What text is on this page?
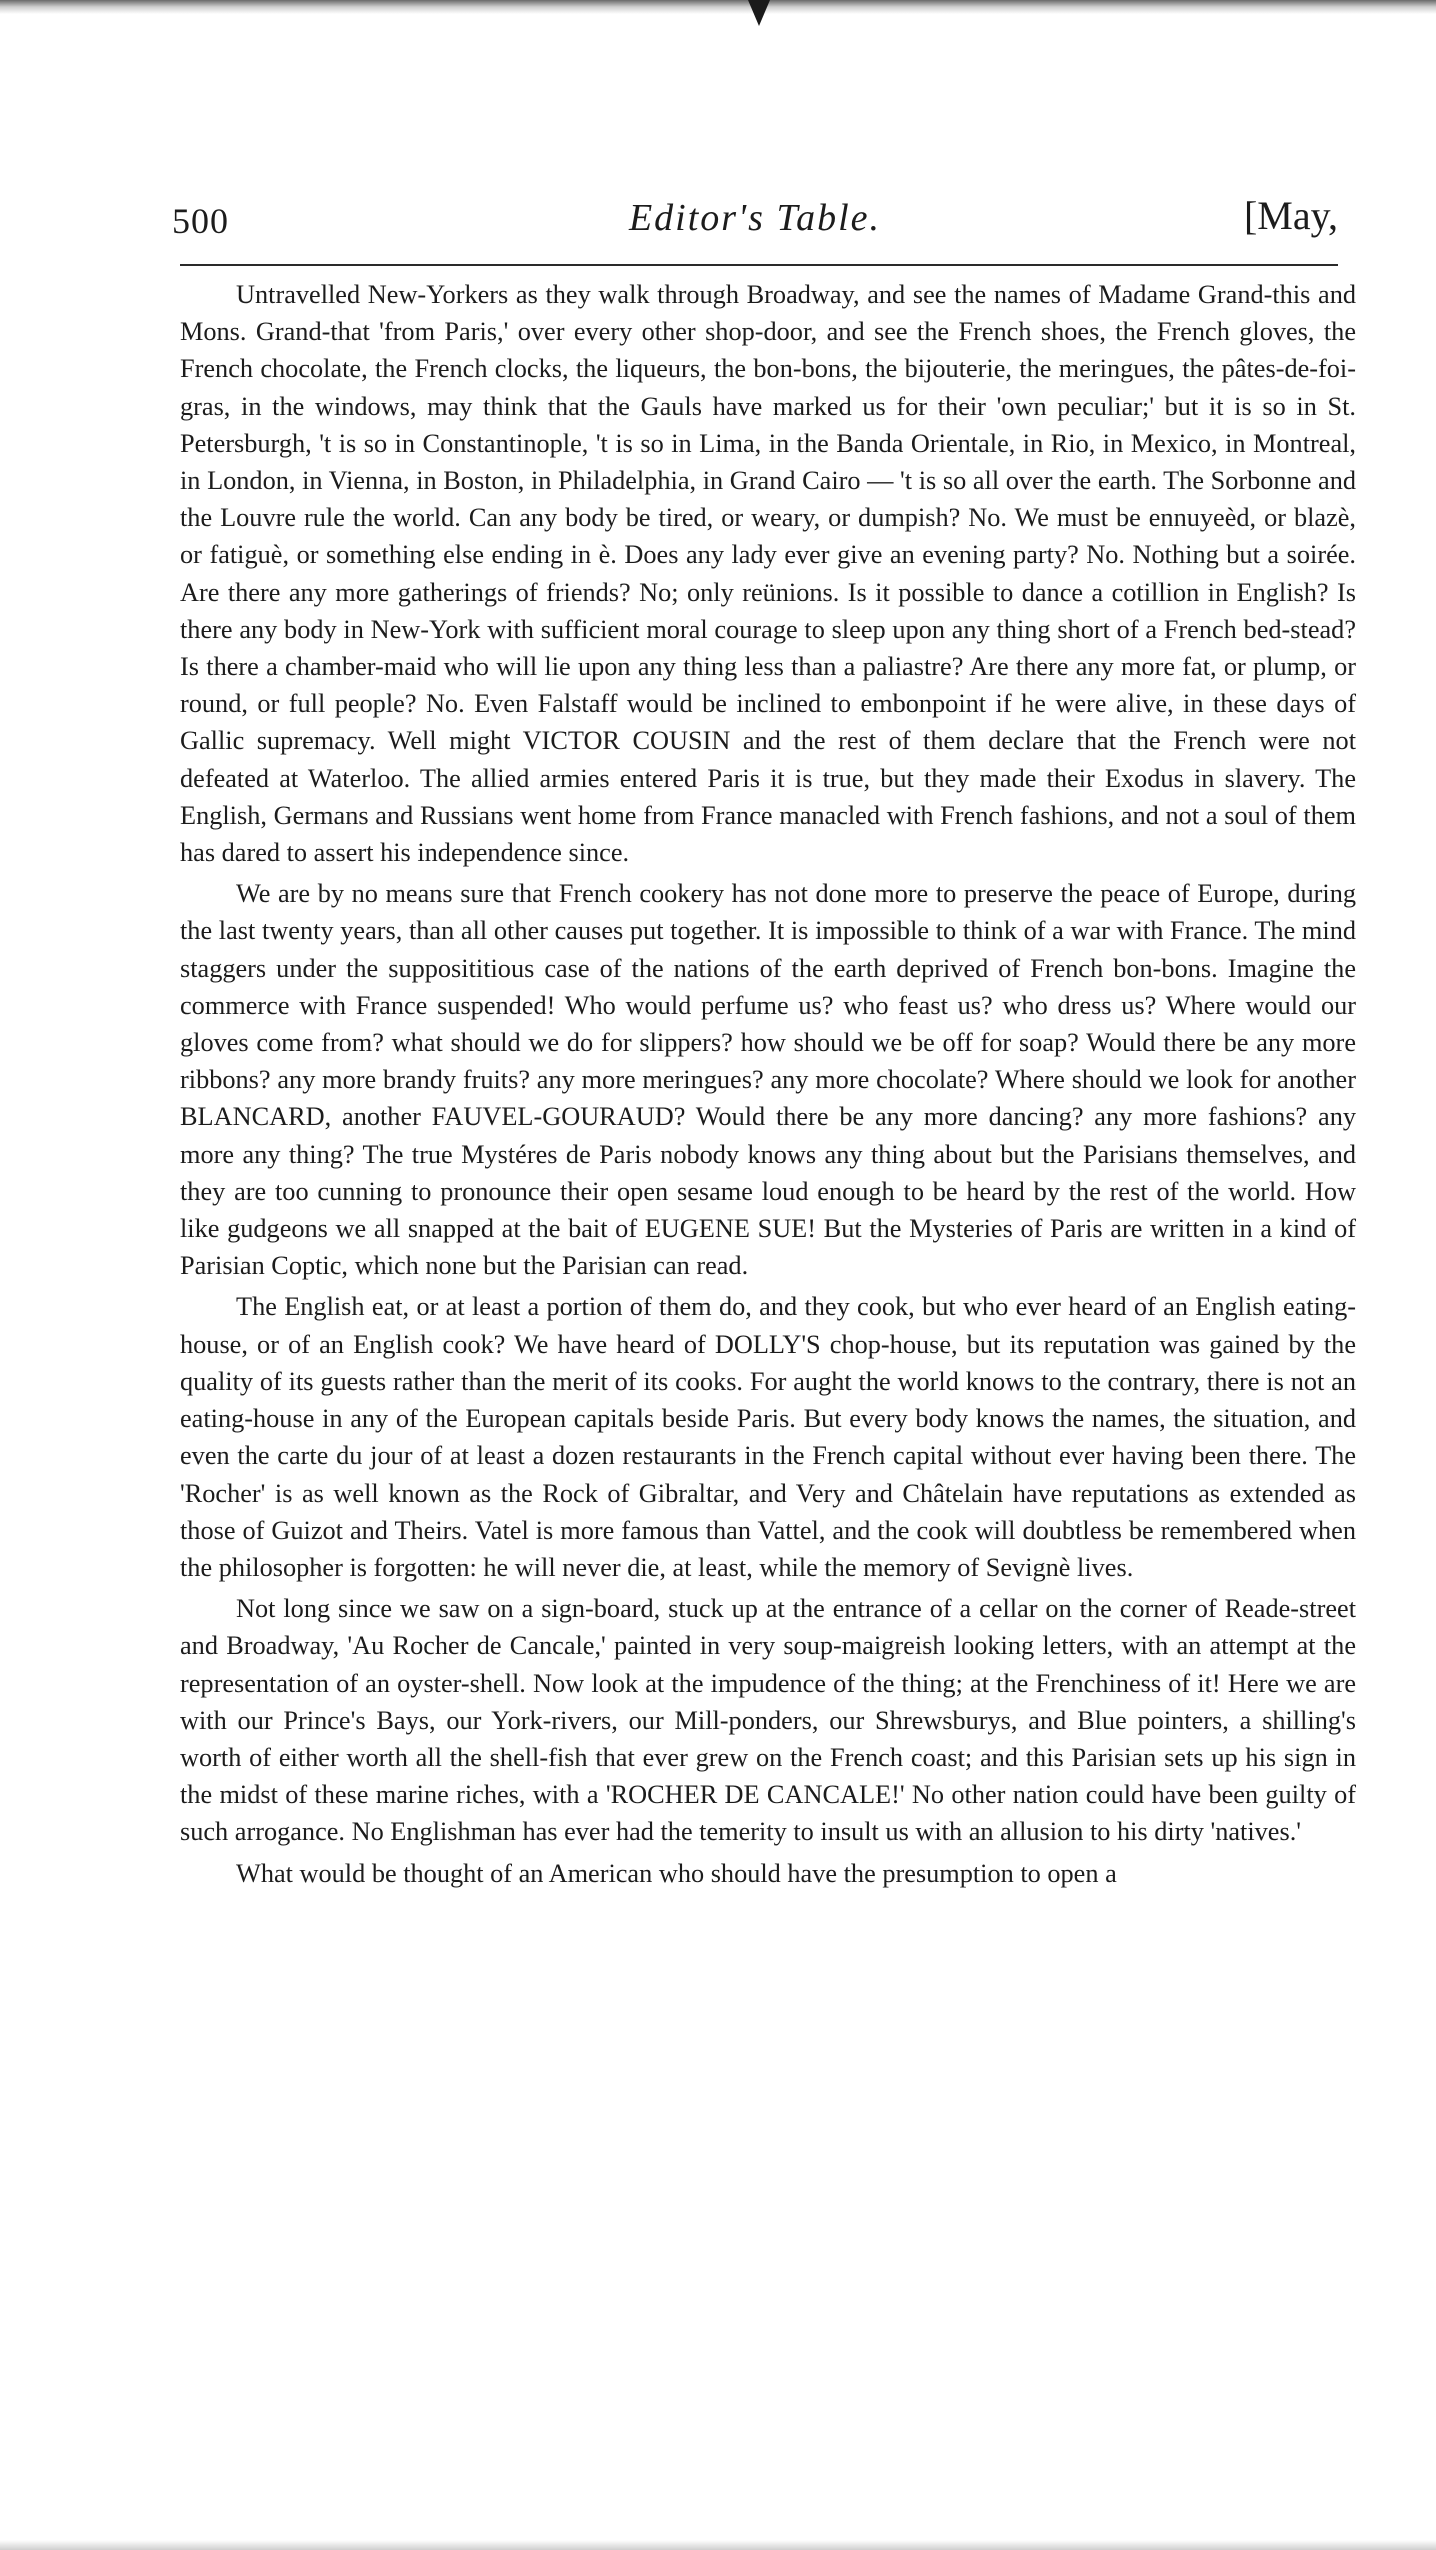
500	Editor's Table.	[May,

Untravelled New-Yorkers as they walk through Broadway, and see the names of Madame Grand-this and Mons. Grand-that 'from Paris,' over every other shop-door, and see the French shoes, the French gloves, the French chocolate, the French clocks, the liqueurs, the bon-bons, the bijouterie, the meringues, the pâtes-de-foi-gras, in the windows, may think that the Gauls have marked us for their 'own peculiar;' but it is so in St. Petersburgh, 't is so in Constantinople, 't is so in Lima, in the Banda Orientale, in Rio, in Mexico, in Montreal, in London, in Vienna, in Boston, in Philadelphia, in Grand Cairo — 't is so all over the earth. The Sorbonne and the Louvre rule the world. Can any body be tired, or weary, or dumpish? No. We must be ennuyeèd, or blazè, or fatiguè, or something else ending in è. Does any lady ever give an evening party? No. Nothing but a soirée. Are there any more gatherings of friends? No; only reünions. Is it possible to dance a cotillion in English? Is there any body in New-York with sufficient moral courage to sleep upon any thing short of a French bed-stead? Is there a chamber-maid who will lie upon any thing less than a paliastre? Are there any more fat, or plump, or round, or full people? No. Even Falstaff would be inclined to embonpoint if he were alive, in these days of Gallic supremacy. Well might VICTOR COUSIN and the rest of them declare that the French were not defeated at Waterloo. The allied armies entered Paris it is true, but they made their Exodus in slavery. The English, Germans and Russians went home from France manacled with French fashions, and not a soul of them has dared to assert his independence since.

We are by no means sure that French cookery has not done more to preserve the peace of Europe, during the last twenty years, than all other causes put together. It is impossible to think of a war with France. The mind staggers under the supposititious case of the nations of the earth deprived of French bon-bons. Imagine the commerce with France suspended! Who would perfume us? who feast us? who dress us? Where would our gloves come from? what should we do for slippers? how should we be off for soap? Would there be any more ribbons? any more brandy fruits? any more meringues? any more chocolate? Where should we look for another BLANCARD, another FAUVEL-GOURAUD? Would there be any more dancing? any more fashions? any more any thing? The true Mystéres de Paris nobody knows any thing about but the Parisians themselves, and they are too cunning to pronounce their open sesame loud enough to be heard by the rest of the world. How like gudgeons we all snapped at the bait of EUGENE SUE! But the Mysteries of Paris are written in a kind of Parisian Coptic, which none but the Parisian can read.

The English eat, or at least a portion of them do, and they cook, but who ever heard of an English eating-house, or of an English cook? We have heard of DOLLY'S chop-house, but its reputation was gained by the quality of its guests rather than the merit of its cooks. For aught the world knows to the contrary, there is not an eating-house in any of the European capitals beside Paris. But every body knows the names, the situation, and even the carte du jour of at least a dozen restaurants in the French capital without ever having been there. The 'Rocher' is as well known as the Rock of Gibraltar, and Very and Châtelain have reputations as extended as those of Guizot and Theirs. Vatel is more famous than Vattel, and the cook will doubtless be remembered when the philosopher is forgotten: he will never die, at least, while the memory of Sevignè lives.

Not long since we saw on a sign-board, stuck up at the entrance of a cellar on the corner of Reade-street and Broadway, 'Au Rocher de Cancale,' painted in very soup-maigreish looking letters, with an attempt at the representation of an oyster-shell. Now look at the impudence of the thing; at the Frenchiness of it! Here we are with our Prince's Bays, our York-rivers, our Mill-ponders, our Shrewsburys, and Blue pointers, a shilling's worth of either worth all the shell-fish that ever grew on the French coast; and this Parisian sets up his sign in the midst of these marine riches, with a 'ROCHER DE CANCALE!' No other nation could have been guilty of such arrogance. No Englishman has ever had the temerity to insult us with an allusion to his dirty 'natives.'

What would be thought of an American who should have the presumption to open a
